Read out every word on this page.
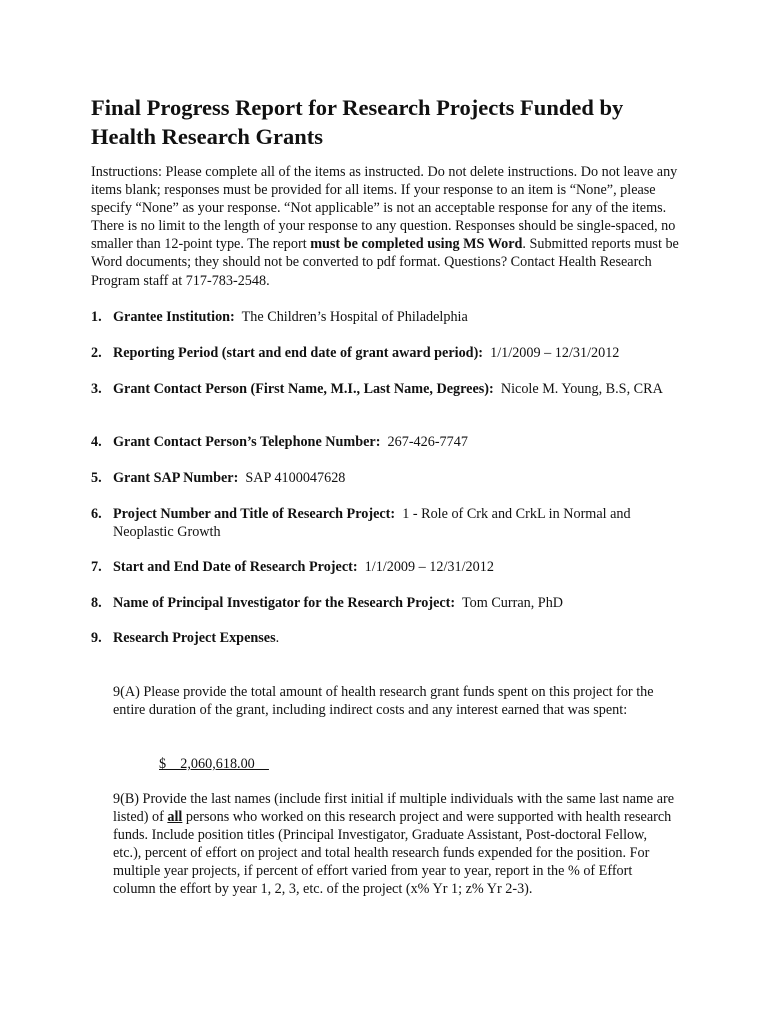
Final Progress Report for Research Projects Funded by Health Research Grants

Instructions: Please complete all of the items as instructed. Do not delete instructions. Do not leave any items blank; responses must be provided for all items. If your response to an item is “None”, please specify “None” as your response. “Not applicable” is not an acceptable response for any of the items. There is no limit to the length of your response to any question. Responses should be single-spaced, no smaller than 12-point type. The report must be completed using MS Word. Submitted reports must be Word documents; they should not be converted to pdf format. Questions? Contact Health Research Program staff at 717-783-2548.

1. Grantee Institution: The Children’s Hospital of Philadelphia
2. Reporting Period (start and end date of grant award period): 1/1/2009 – 12/31/2012
3. Grant Contact Person (First Name, M.I., Last Name, Degrees): Nicole M. Young, B.S, CRA
4. Grant Contact Person’s Telephone Number: 267-426-7747
5. Grant SAP Number: SAP 4100047628
6. Project Number and Title of Research Project: 1 - Role of Crk and CrkL in Normal and Neoplastic Growth
7. Start and End Date of Research Project: 1/1/2009 – 12/31/2012
8. Name of Principal Investigator for the Research Project: Tom Curran, PhD
9. Research Project Expenses.
9(A) Please provide the total amount of health research grant funds spent on this project for the entire duration of the grant, including indirect costs and any interest earned that was spent:
$    2,060,618.00
9(B) Provide the last names (include first initial if multiple individuals with the same last name are listed) of all persons who worked on this research project and were supported with health research funds. Include position titles (Principal Investigator, Graduate Assistant, Post-doctoral Fellow, etc.), percent of effort on project and total health research funds expended for the position. For multiple year projects, if percent of effort varied from year to year, report in the % of Effort column the effort by year 1, 2, 3, etc. of the project (x% Yr 1; z% Yr 2-3).
